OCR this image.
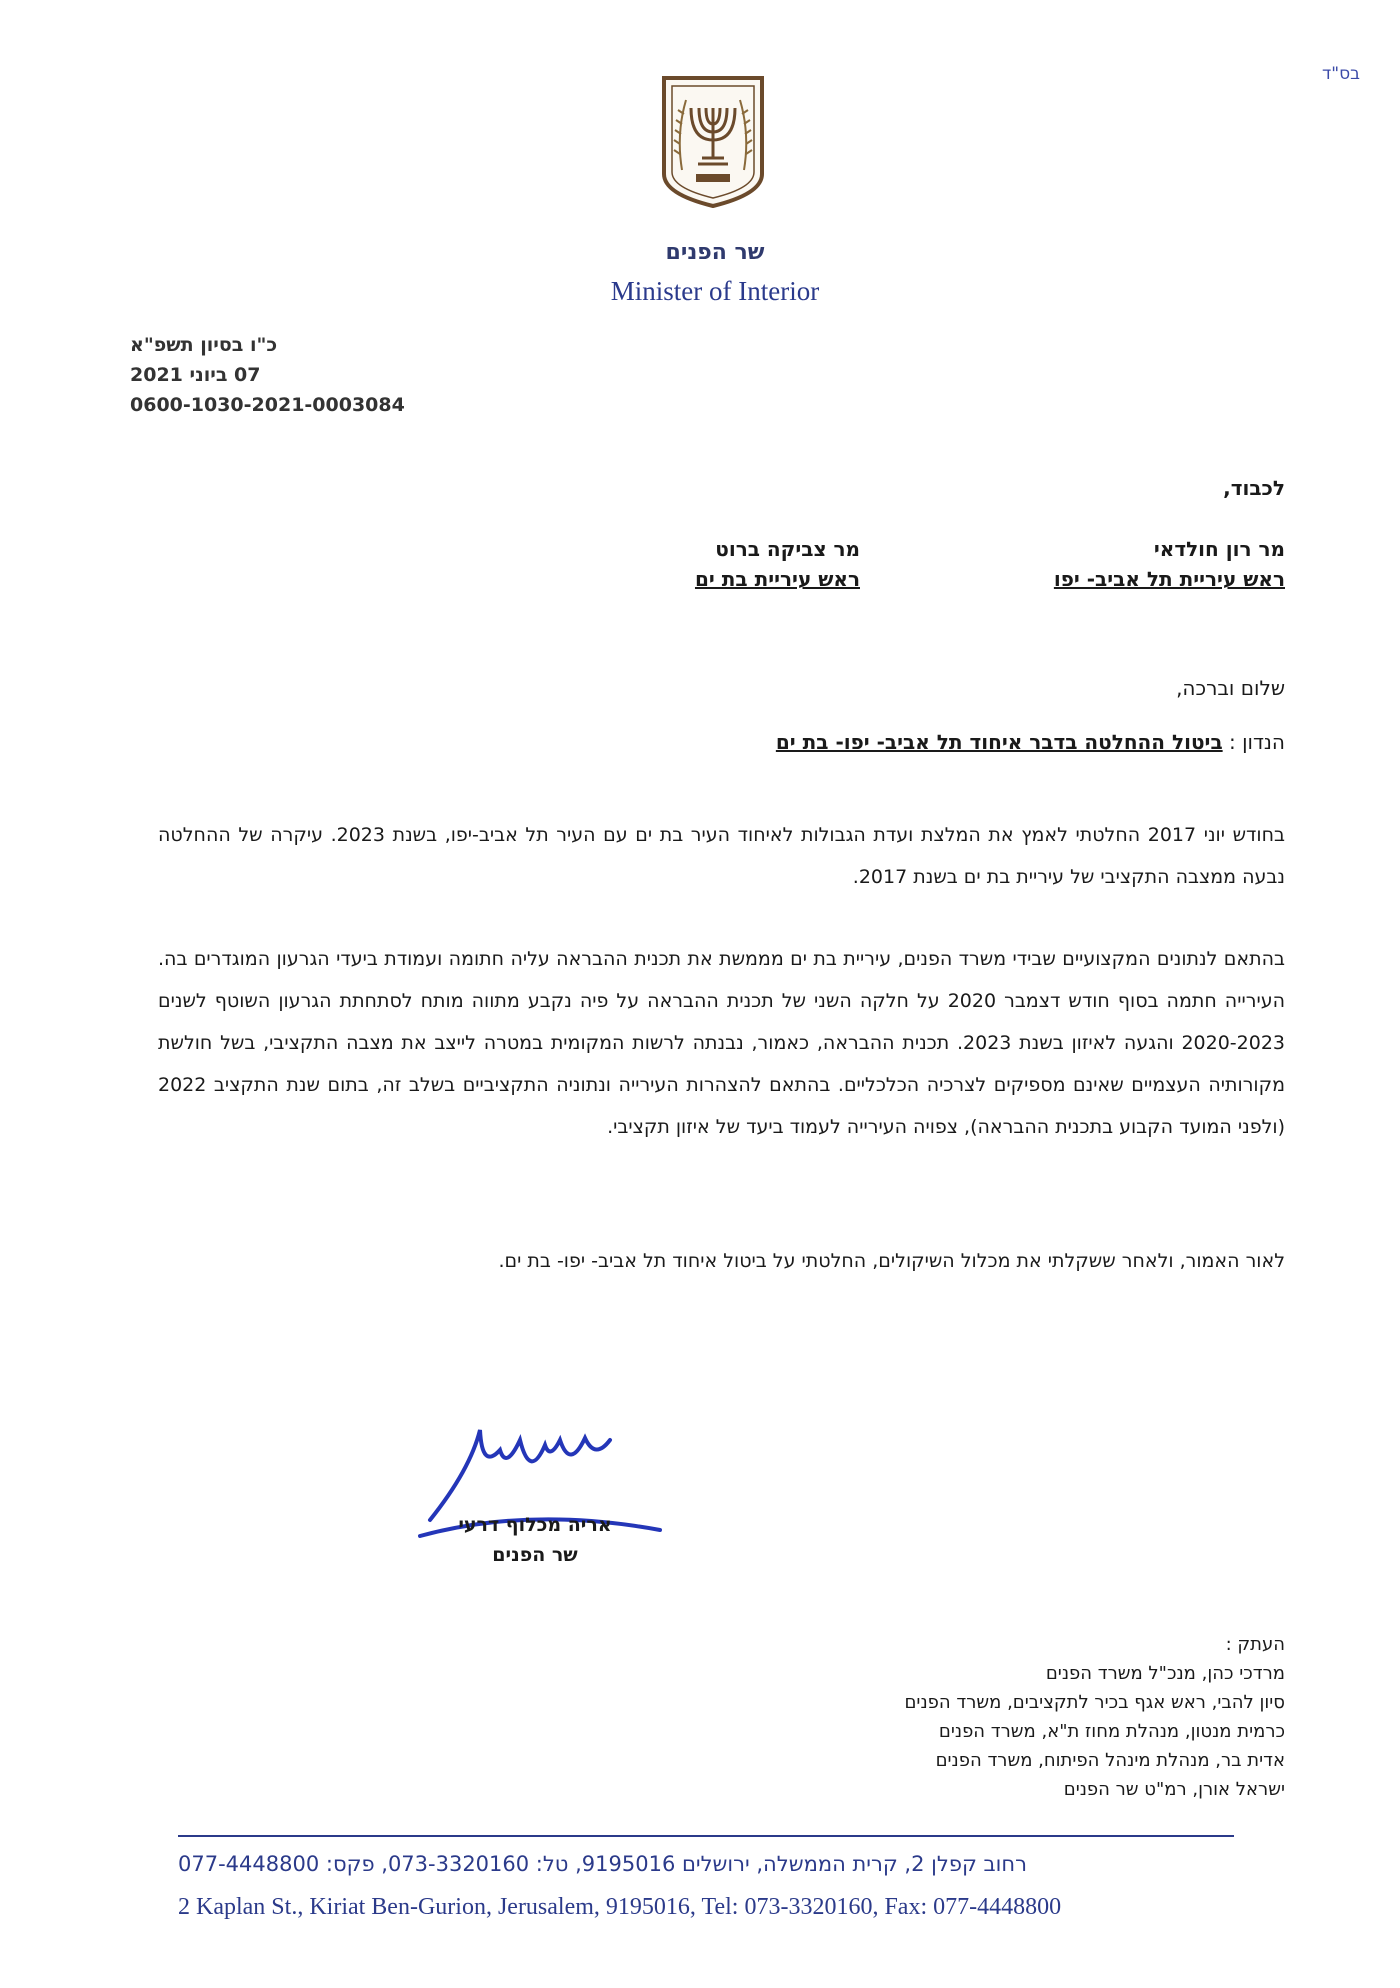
בס"ד
שר הפנים
Minister of Interior
כ"ו בסיון תשפ"א
07 ביוני 2021
0600-1030-2021-0003084
לכבוד,
מר רון חולדאי
ראש עיריית תל אביב- יפו
מר צביקה ברוט
ראש עיריית בת ים
שלום וברכה,
הנדון : ביטול ההחלטה בדבר איחוד תל אביב- יפו- בת ים
בחודש יוני 2017 החלטתי לאמץ את המלצת ועדת הגבולות לאיחוד העיר בת ים עם העיר תל אביב-יפו, בשנת 2023. עיקרה של ההחלטה נבעה ממצבה התקציבי של עיריית בת ים בשנת 2017.
בהתאם לנתונים המקצועיים שבידי משרד הפנים, עיריית בת ים מממשת את תכנית ההבראה עליה חתומה ועמודת ביעדי הגרעון המוגדרים בה. העירייה חתמה בסוף חודש דצמבר 2020 על חלקה השני של תכנית ההבראה על פיה נקבע מתווה מותח לסתחתת הגרעון השוטף לשנים 2020-2023 והגעה לאיזון בשנת 2023. תכנית ההבראה, כאמור, נבנתה לרשות המקומית במטרה לייצב את מצבה התקציבי, בשל חולשת מקורותיה העצמיים שאינם מספיקים לצרכיה הכלכליים. בהתאם להצהרות העירייה ונתוניה התקציביים בשלב זה, בתום שנת התקציב 2022 (ולפני המועד הקבוע בתכנית ההבראה), צפויה העירייה לעמוד ביעד של איזון תקציבי.
לאור האמור, ולאחר ששקלתי את מכלול השיקולים, החלטתי על ביטול איחוד תל אביב- יפו- בת ים.
אריה מכלוף דרעי
שר הפנים
העתק :
מרדכי כהן, מנכ"ל משרד הפנים
סיון להבי, ראש אגף בכיר לתקציבים, משרד הפנים
כרמית מנטון, מנהלת מחוז ת"א, משרד הפנים
אדית בר, מנהלת מינהל הפיתוח, משרד הפנים
ישראל אורן, רמ"ט שר הפנים
רחוב קפלן 2, קרית הממשלה, ירושלים 9195016, טל: 073-3320160, פקס: 077-4448800
2 Kaplan St., Kiriat Ben-Gurion, Jerusalem, 9195016, Tel: 073-3320160, Fax: 077-4448800
